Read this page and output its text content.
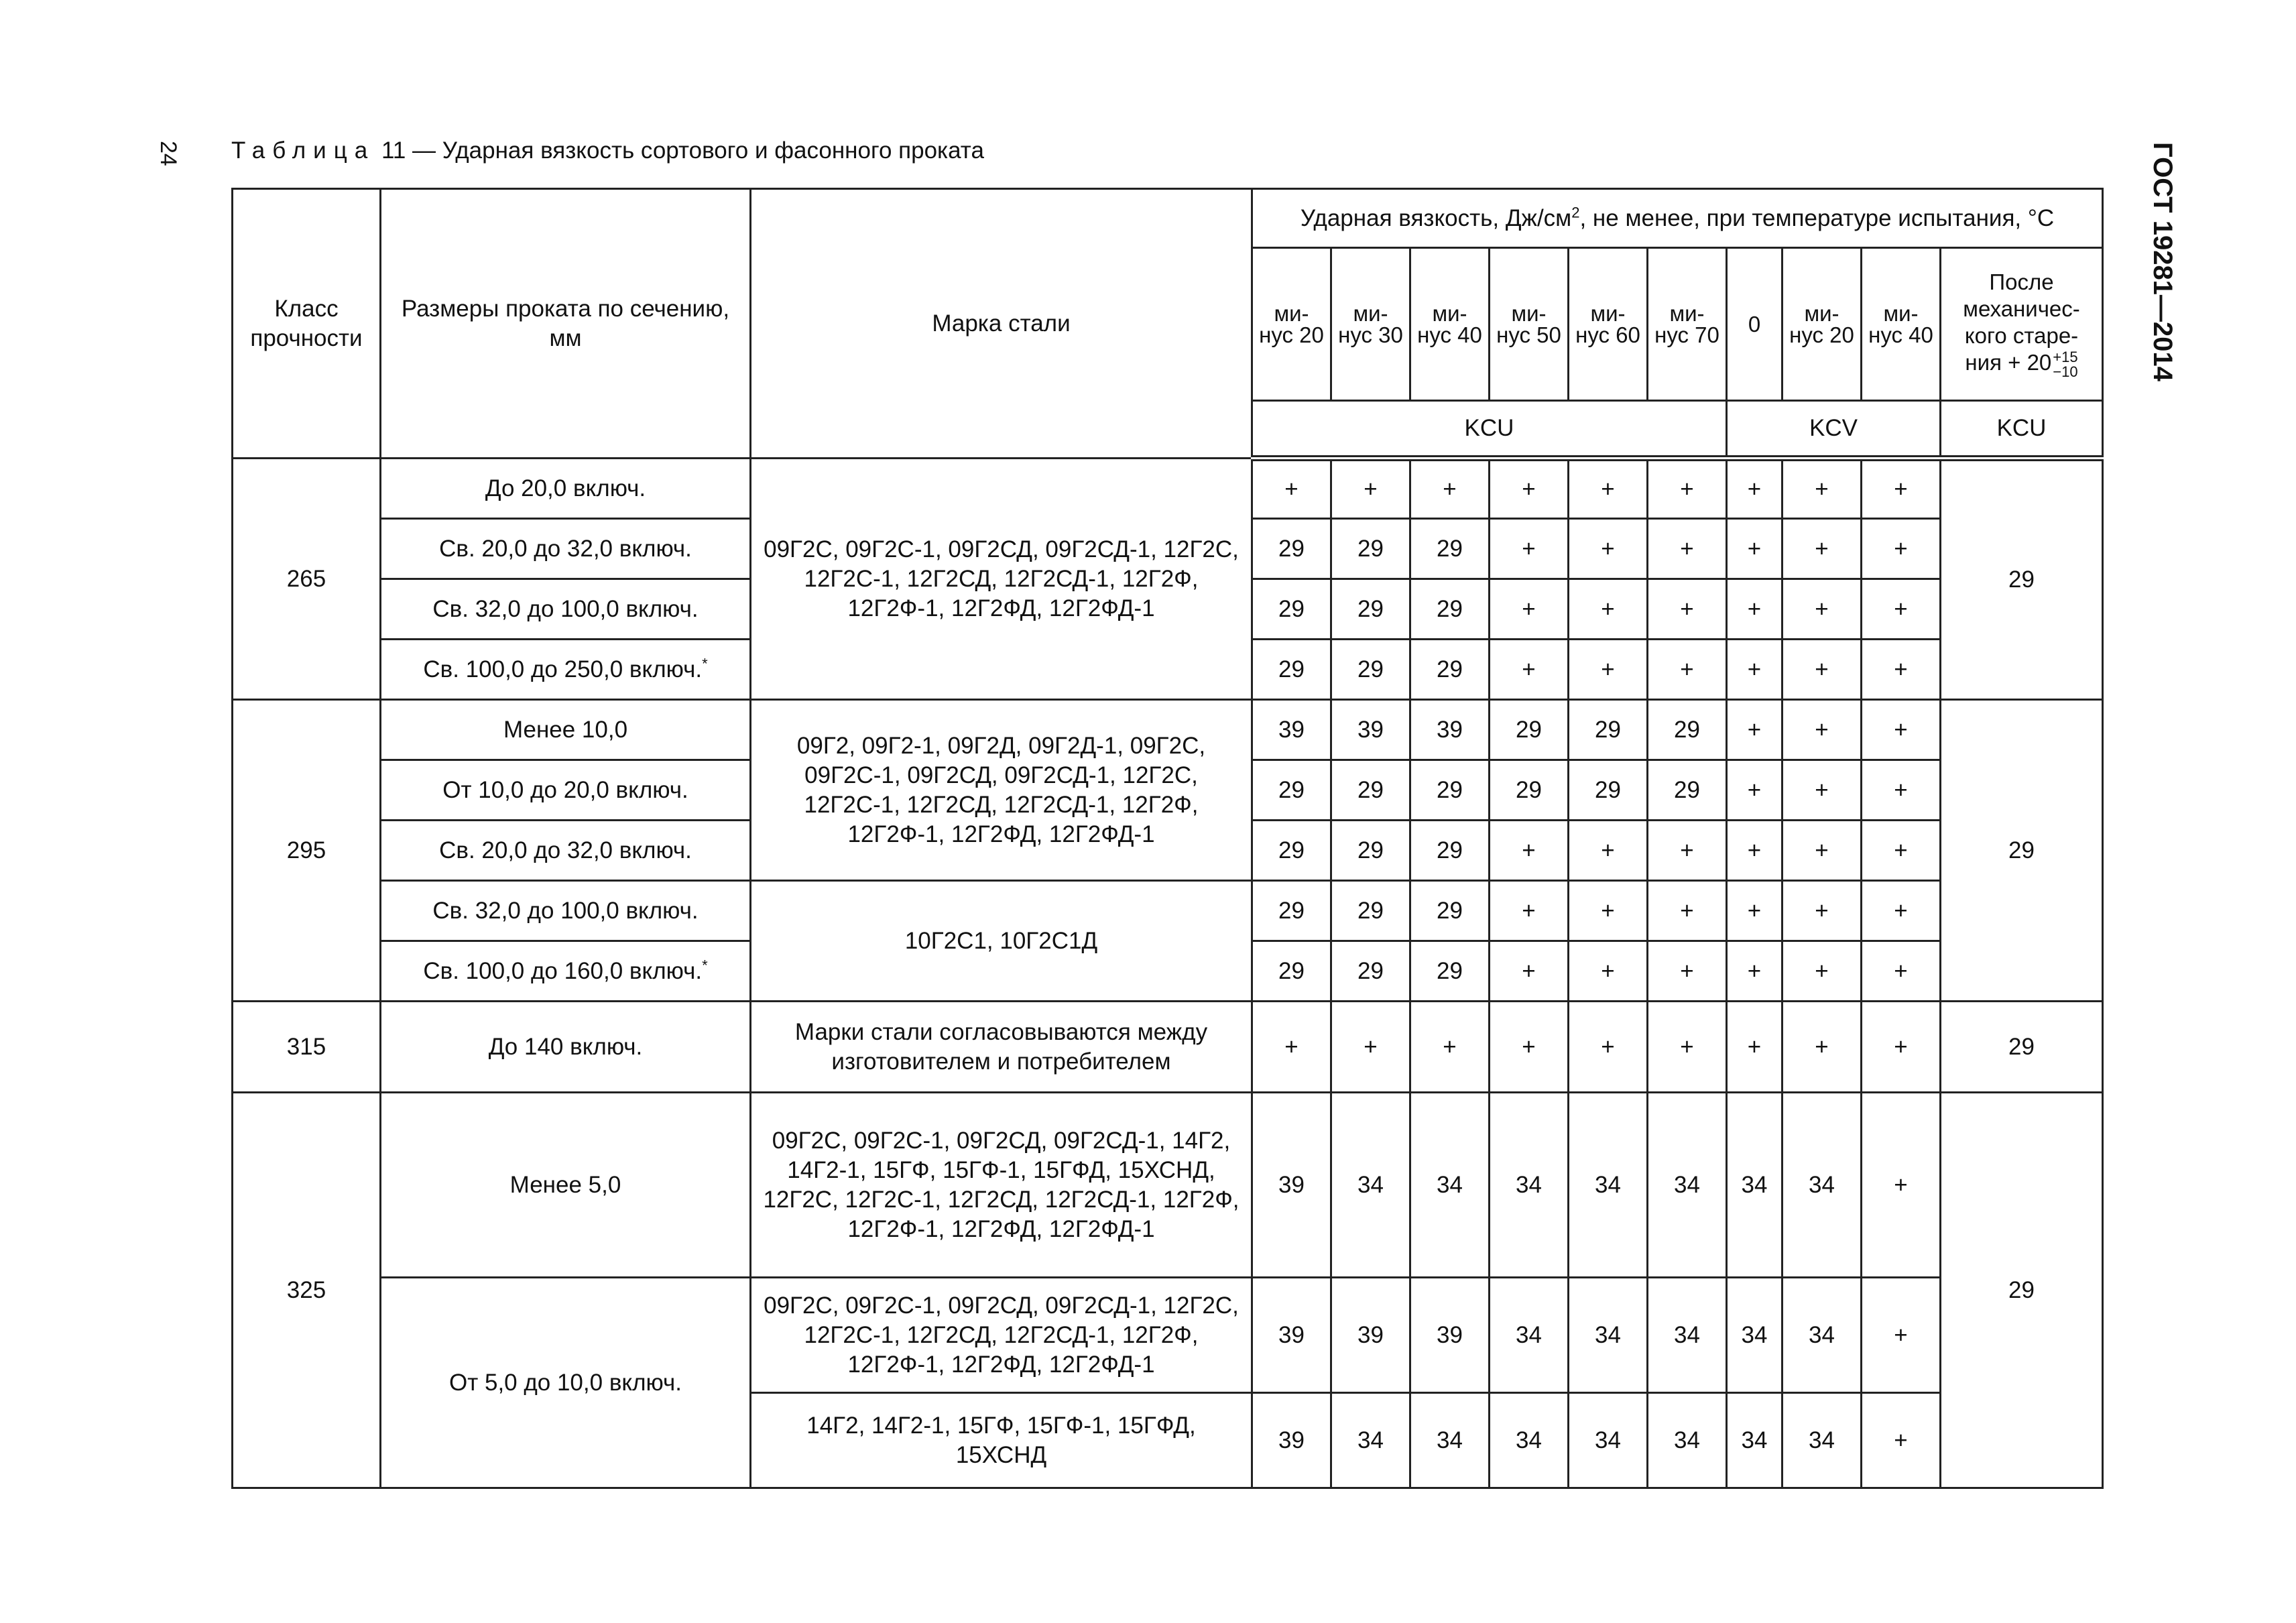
24 Таблица 11 — Ударная вязкость сортового и фасонного проката	ГОСТ 19281—2014
Класс прочности	Размеры проката по сечению, мм	Марка стали	Ударная вязкость, $Дж/см^2$, не менее, при температуре испытания, °С									
			ми- нус 20	ми- нус 30	ми- нус 40	ми- нус 50	ми- нус 60	ми- нус 70	0	ми- нус 20	ми- нус 40	После механичес- кого старе-
ния + 20+15
−10
			KCU						KCV			KCU
265	До 20,0 включ.	09Г2С, 09Г2С-1, 09Г2СД, 09Г2СД-1, 12Г2С, 12Г2С-1, 12Г2СД, 12Г2СД-1, 12Г2Ф, 12Г2Ф-1, 12Г2ФД, 12Г2ФД-1	+	+	+	+	+	+	+	+	+	29
	Св. 20,0 до 32,0 включ.		29	29	29	+	+	+	+	+	+	
	Св. 32,0 до 100,0 включ.		29	29	29	+	+	+	+	+	+	
	Св. 100,0 до 250,0 включ.*		29	29	29	+	+	+	+	+	+	
295	Менее 10,0	09Г2, 09Г2-1, 09Г2Д, 09Г2Д-1, 09Г2С, 09Г2С-1, 09Г2СД, 09Г2СД-1, 12Г2С, 12Г2С-1, 12Г2СД, 12Г2СД-1, 12Г2Ф, 12Г2Ф-1, 12Г2ФД, 12Г2ФД-1	39	39	39	29	29	29	+	+	+	29
	От 10,0 до 20,0 включ.		29	29	29	29	29	29	+	+	+	
	Св. 20,0 до 32,0 включ.		29	29	29	+	+	+	+	+	+	
	Св. 32,0 до 100,0 включ.	10Г2С1, 10Г2С1Д	29	29	29	+	+	+	+	+	+	
	Св. 100,0 до 160,0 включ.*		29	29	29	+	+	+	+	+	+	
315	До 140 включ.	Марки стали согласовываются между изготовителем и потребителем	+	+	+	+	+	+	+	+	+	29
325	Менее 5,0	09Г2С, 09Г2С-1, 09Г2СД, 09Г2СД-1, 14Г2, 14Г2-1, 15ГФ, 15ГФ-1, 15ГФД, 15ХСНД, 12Г2С, 12Г2С-1, 12Г2СД, 12Г2СД-1, 12Г2Ф, 12Г2Ф-1, 12Г2ФД, 12Г2ФД-1	39	34	34	34	34	34	34	34	+	29
	От 5,0 до 10,0 включ.	09Г2С, 09Г2С-1, 09Г2СД, 09Г2СД-1, 12Г2С, 12Г2С-1, 12Г2СД, 12Г2СД-1, 12Г2Ф, 12Г2Ф-1, 12Г2ФД, 12Г2ФД-1	39	39	39	34	34	34	34	34	+	
		14Г2, 14Г2-1, 15ГФ, 15ГФ-1, 15ГФД, 15ХСНД	39	34	34	34	34	34	34	34	+	
